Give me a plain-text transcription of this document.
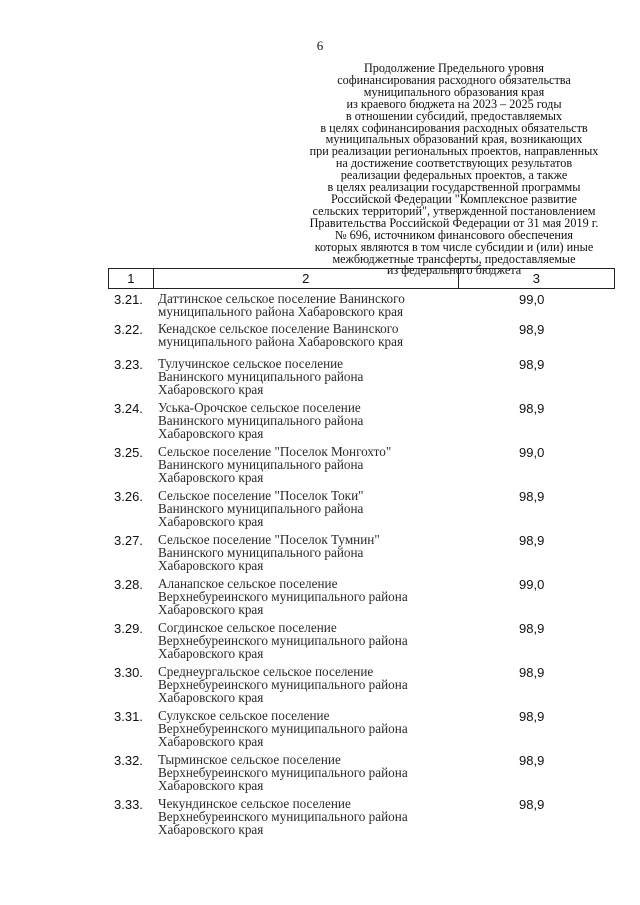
6
Продолжение Предельного уровня
софинансирования расходного обязательства
муниципального образования края
из краевого бюджета на 2023 – 2025 годы
в отношении субсидий, предоставляемых
в целях софинансирования расходных обязательств
муниципальных образований края, возникающих
при реализации региональных проектов, направленных
на достижение соответствующих результатов
реализации федеральных проектов, а также
в целях реализации государственной программы
Российской Федерации "Комплексное развитие
сельских территорий", утвержденной постановлением
Правительства Российской Федерации от 31 мая 2019 г.
№ 696, источником финансового обеспечения
которых являются в том числе субсидии и (или) иные
межбюджетные трансферты, предоставляемые
из федерального бюджета
1	2	3
3.21. Даттинское сельское поселение Ванинского
муниципального района Хабаровского края
99,0
3.22. Кенадское сельское поселение Ванинского
муниципального района Хабаровского края
98,9
3.23. Тулучинское сельское поселение
Ванинского муниципального района
Хабаровского края
98,9
3.24. Уська-Орочское сельское поселение
Ванинского муниципального района
Хабаровского края
98,9
3.25. Сельское поселение "Поселок Монгохто"
Ванинского муниципального района
Хабаровского края
99,0
3.26. Сельское поселение "Поселок Токи"
Ванинского муниципального района
Хабаровского края
98,9
3.27. Сельское поселение "Поселок Тумнин"
Ванинского муниципального района
Хабаровского края
98,9
3.28. Аланапское сельское поселение
Верхнебуреинского муниципального района
Хабаровского края
99,0
3.29. Согдинское сельское поселение
Верхнебуреинского муниципального района
Хабаровского края
98,9
3.30. Среднеургальское сельское поселение
Верхнебуреинского муниципального района
Хабаровского края
98,9
3.31. Сулукское сельское поселение
Верхнебуреинского муниципального района
Хабаровского края
98,9
3.32. Тырминское сельское поселение
Верхнебуреинского муниципального района
Хабаровского края
98,9
3.33. Чекундинское сельское поселение
Верхнебуреинского муниципального района
Хабаровского края
98,9
